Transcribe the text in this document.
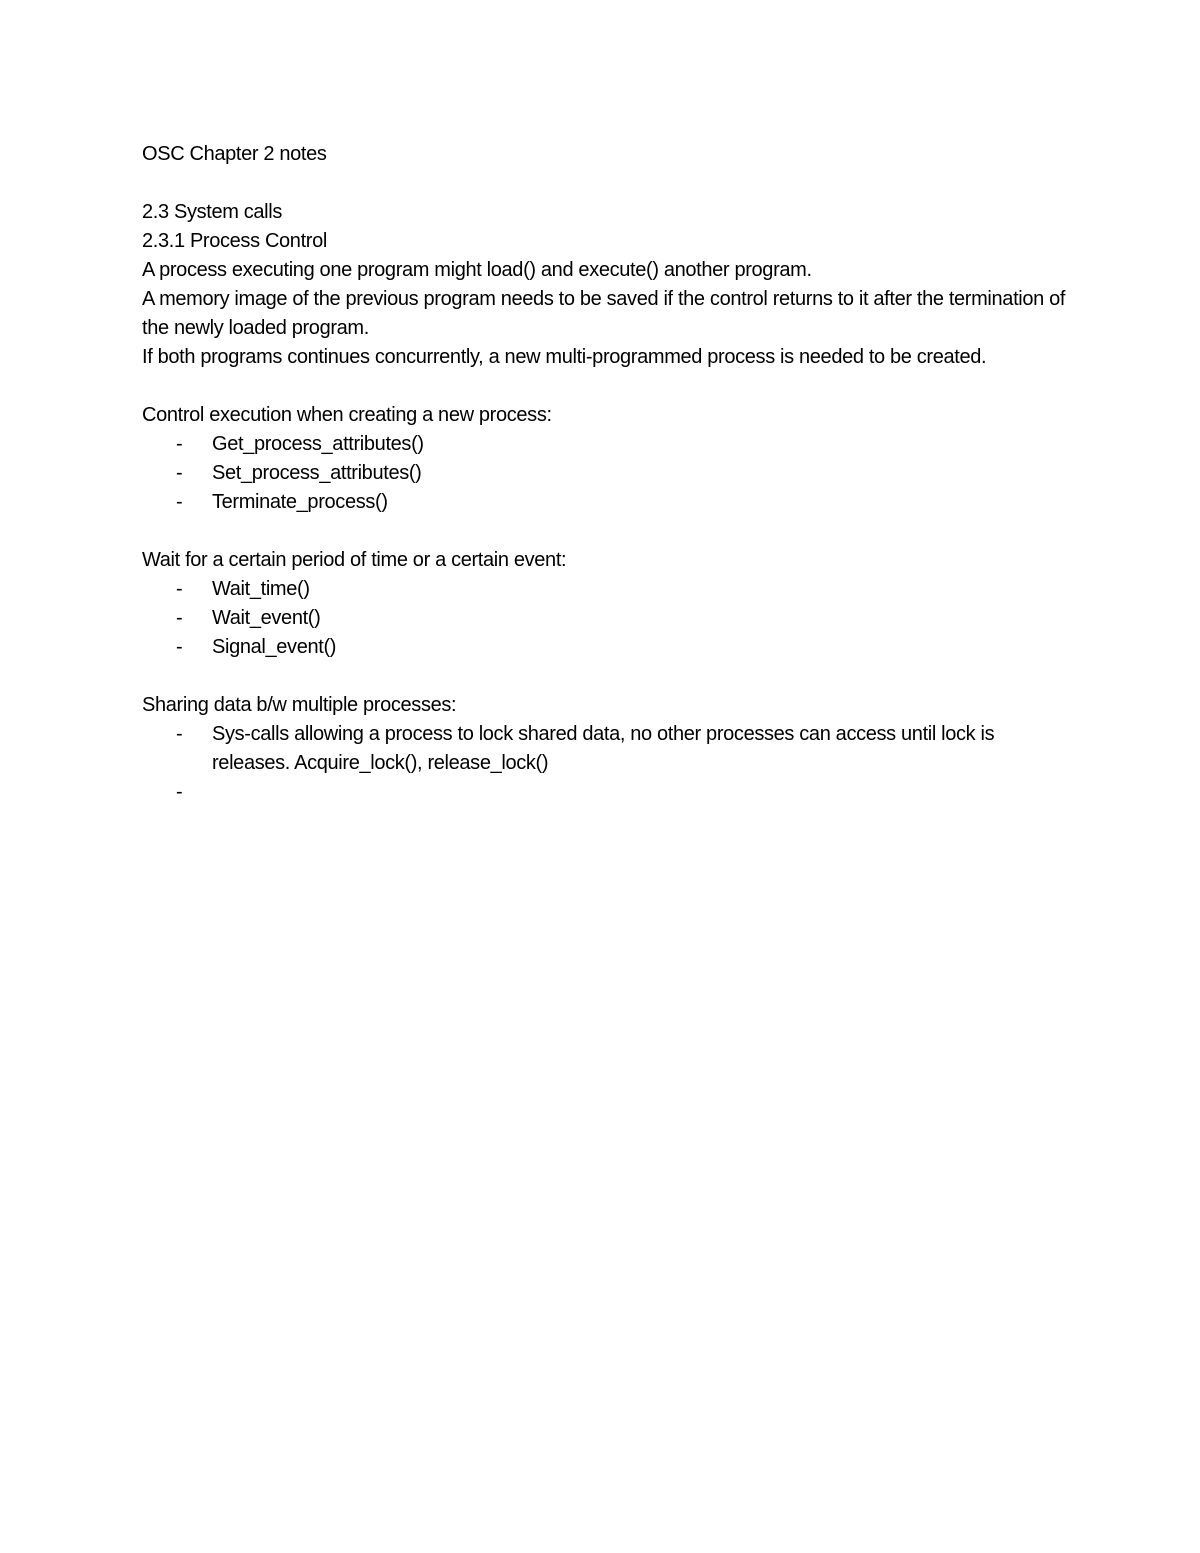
OSC Chapter 2 notes
2.3 System calls
2.3.1 Process Control
A process executing one program might load() and execute() another program.
A memory image of the previous program needs to be saved if the control returns to it after the termination of the newly loaded program.
If both programs continues concurrently, a new multi-programmed process is needed to be created.
Control execution when creating a new process:
-	Get_process_attributes()
-	Set_process_attributes()
-	Terminate_process()
Wait for a certain period of time or a certain event:
-	Wait_time()
-	Wait_event()
-	Signal_event()
Sharing data b/w multiple processes:
-	Sys-calls allowing a process to lock shared data, no other processes can access until lock is releases. Acquire_lock(), release_lock()
-
